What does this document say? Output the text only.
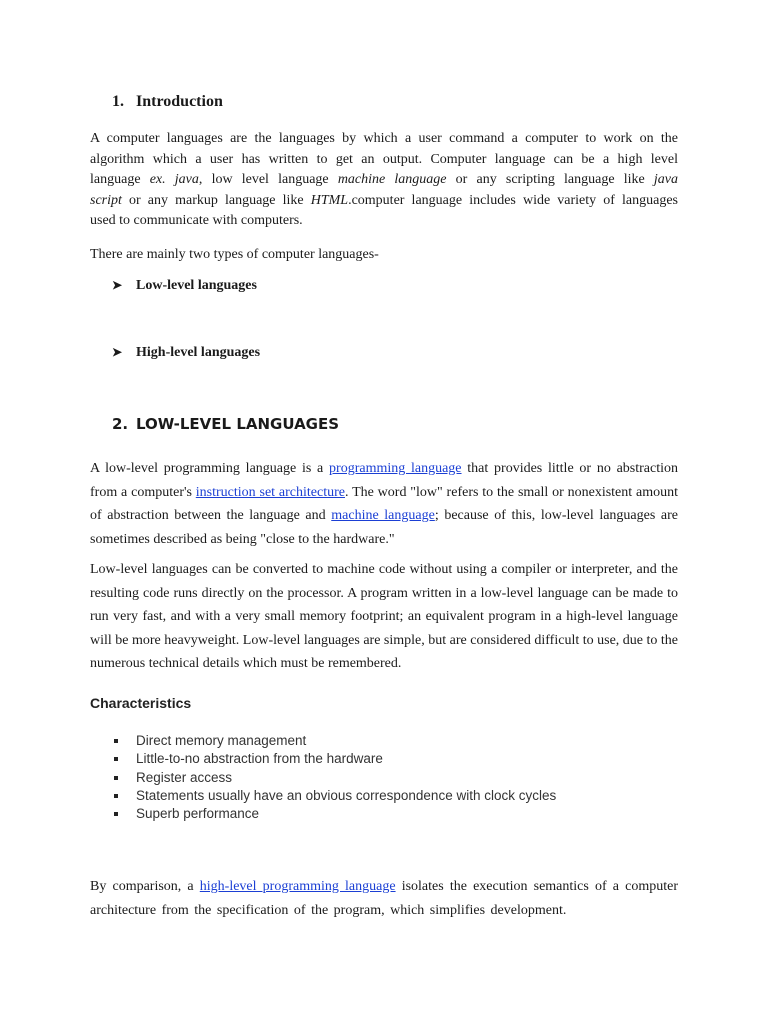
1. Introduction
A computer languages are the languages by which a user command a computer to work on the
algorithm which a user has written to get an output. Computer language can be a high level
language ex. java, low level language machine language or any scripting language like java
script or any markup language like HTML.computer language includes wide variety of languages
used to communicate with computers.
There are mainly two types of computer languages-
➤ Low-level languages
➤ High-level languages
2. LOW-LEVEL LANGUAGES

A low-level programming language is a programming language that provides little or no abstraction from a computer's instruction set architecture. The word "low" refers to the small or nonexistent amount of abstraction between the language and machine language; because of this, low-level languages are sometimes described as being "close to the hardware."

Low-level languages can be converted to machine code without using a compiler or interpreter, and the resulting code runs directly on the processor. A program written in a low-level language can be made to run very fast, and with a very small memory footprint; an equivalent program in a high-level language will be more heavyweight. Low-level languages are simple, but are considered difficult to use, due to the numerous technical details which must be remembered.

Characteristics
Direct memory management
Little-to-no abstraction from the hardware
Register access
Statements usually have an obvious correspondence with clock cycles
Superb performance

By comparison, a high-level programming language isolates the execution semantics of a computer architecture from the specification of the program, which simplifies development.
